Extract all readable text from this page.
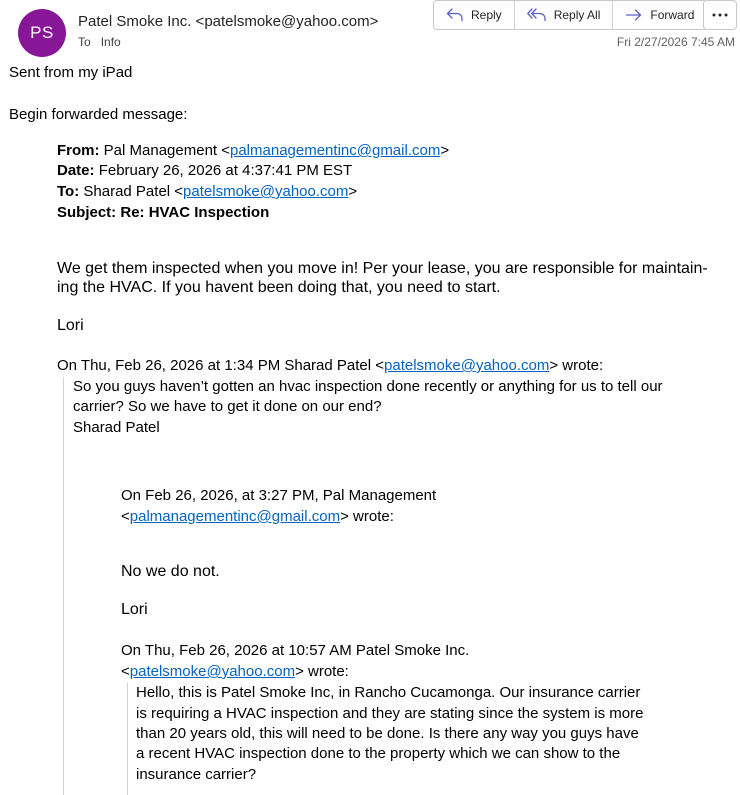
PS
Patel Smoke Inc. <patelsmoke@yahoo.com>
To Info	Fri 2/27/2026 7:45 AM
Reply	Reply All	Forward
Sent from my iPad
Begin forwarded message:
From: Pal Management <palmanagementinc@gmail.com>
Date: February 26, 2026 at 4:37:41 PM EST
To: Sharad Patel <patelsmoke@yahoo.com>
Subject: Re: HVAC Inspection
We get them inspected when you move in! Per your lease, you are responsible for maintain-
ing the HVAC. If you havent been doing that, you need to start.
Lori
On Thu, Feb 26, 2026 at 1:34 PM Sharad Patel <patelsmoke@yahoo.com> wrote:
So you guys haven’t gotten an hvac inspection done recently or anything for us to tell our
carrier? So we have to get it done on our end?
Sharad Patel
On Feb 26, 2026, at 3:27 PM, Pal Management
<palmanagementinc@gmail.com> wrote:
No we do not.
Lori
On Thu, Feb 26, 2026 at 10:57 AM Patel Smoke Inc.
<patelsmoke@yahoo.com> wrote:
Hello, this is Patel Smoke Inc, in Rancho Cucamonga. Our insurance carrier
is requiring a HVAC inspection and they are stating since the system is more
than 20 years old, this will need to be done. Is there any way you guys have
a recent HVAC inspection done to the property which we can show to the
insurance carrier?
